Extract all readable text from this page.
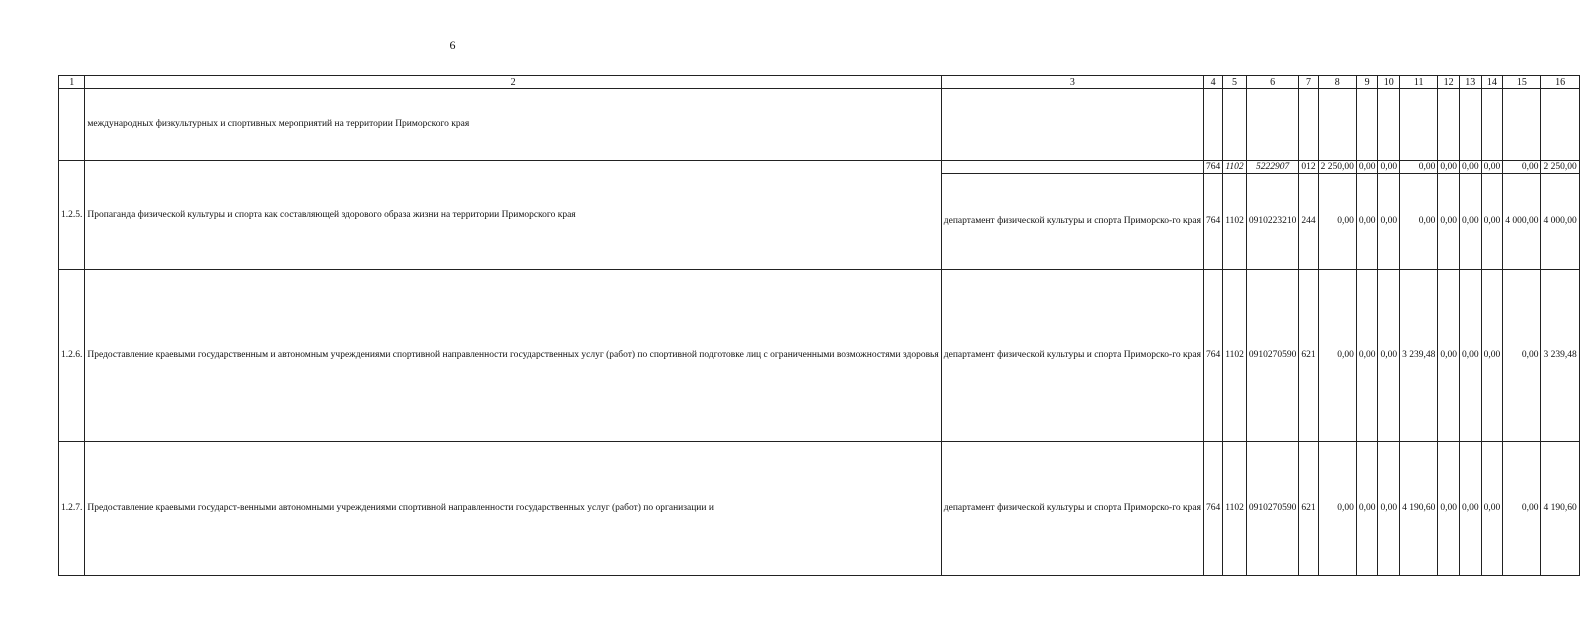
6
1	2	3	4	5	6	7	8	9	10	11	12	13	14	15	16
	международных физкультурных и спортивных мероприятий на территории Приморского края														
1.2.5.	Пропаганда физической культуры и спорта как составляющей здорового образа жизни на территории Приморского края		764	1102	5222907	012	2 250,00	0,00	0,00	0,00	0,00	0,00	0,00	0,00	2 250,00
		департамент физической культуры и спорта Приморско-го края	764	1102	0910223210	244	0,00	0,00	0,00	0,00	0,00	0,00	0,00	4 000,00	4 000,00
1.2.6.	Предоставление краевыми государственным и автономным учреждениями спортивной направленности государственных услуг (работ) по спортивной подготовке лиц с ограниченными возможностями здоровья	департамент физической культуры и спорта Приморско-го края	764	1102	0910270590	621	0,00	0,00	0,00	3 239,48	0,00	0,00	0,00	0,00	3 239,48
1.2.7.	Предоставление краевыми государст-венными автономными учреждениями спортивной направленности государственных услуг (работ) по организации и	департамент физической культуры и спорта Приморско-го края	764	1102	0910270590	621	0,00	0,00	0,00	4 190,60	0,00	0,00	0,00	0,00	4 190,60
